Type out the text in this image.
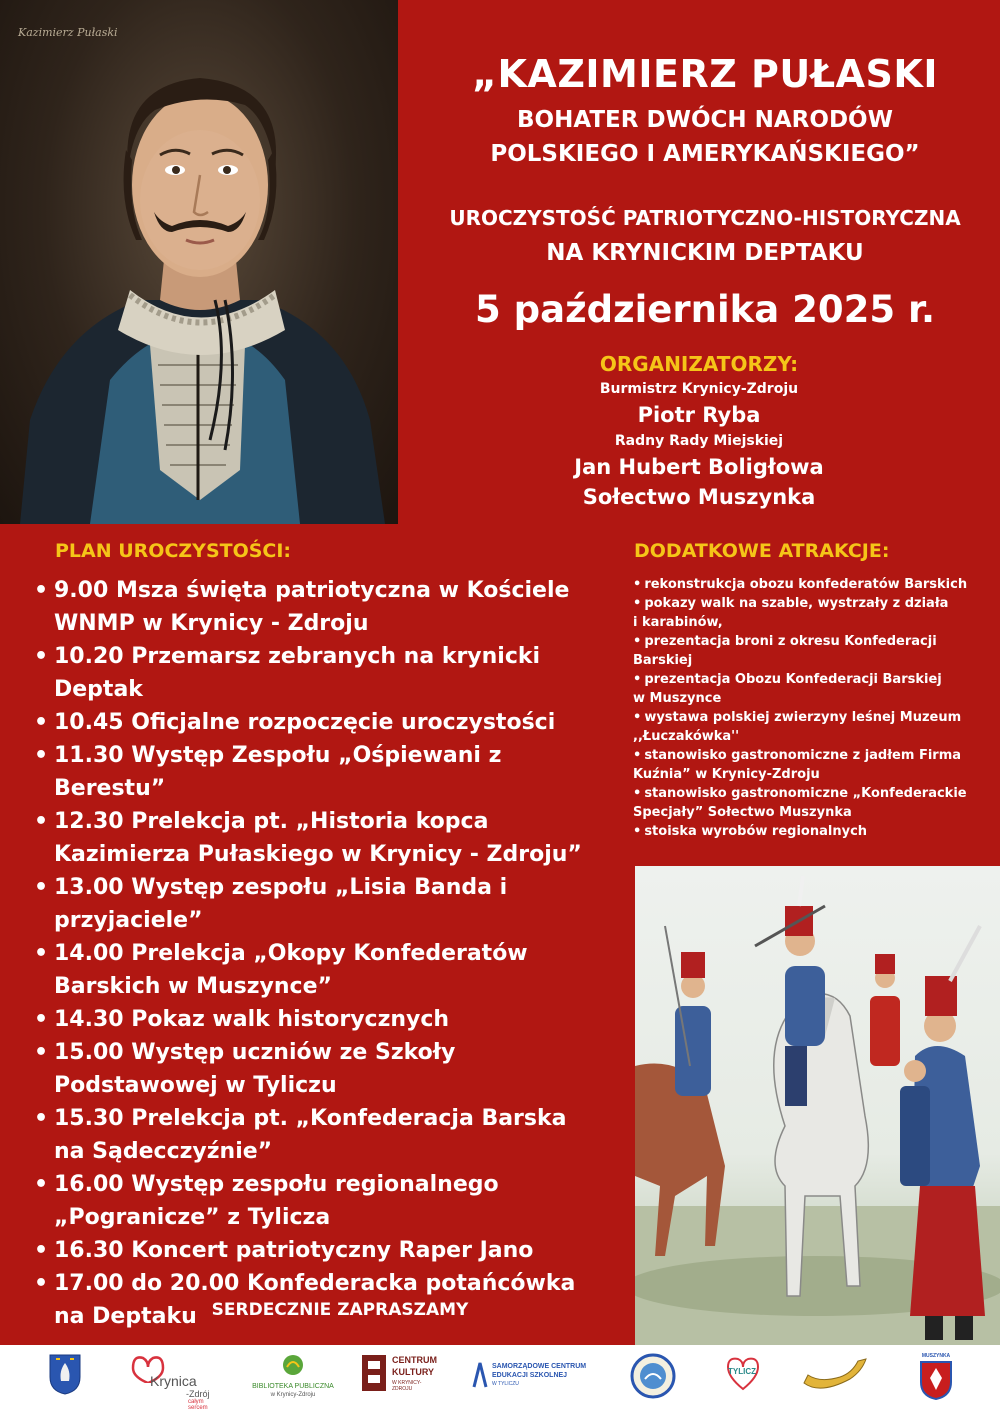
Kazimierz Pułaski
„KAZIMIERZ PUŁASKI
BOHATER DWÓCH NARODÓW
POLSKIEGO I AMERYKAŃSKIEGO”
UROCZYSTOŚĆ PATRIOTYCZNO-HISTORYCZNA
NA KRYNICKIM DEPTAKU
5 października 2025 r.
ORGANIZATORZY:
Burmistrz Krynicy-Zdroju
Piotr Ryba
Radny Rady Miejskiej
Jan Hubert Boligłowa
Sołectwo Muszynka
PLAN UROCZYSTOŚCI:
• 9.00 Msza święta patriotyczna w Kościele
WNMP w Krynicy - Zdroju
• 10.20 Przemarsz zebranych na krynicki
Deptak
• 10.45 Oficjalne rozpoczęcie uroczystości
• 11.30 Występ Zespołu „Ośpiewani z
Berestu”
• 12.30 Prelekcja pt. „Historia kopca
Kazimierza Pułaskiego w Krynicy - Zdroju”
• 13.00 Występ zespołu „Lisia Banda i
przyjaciele”
• 14.00 Prelekcja „Okopy Konfederatów
Barskich w Muszynce”
• 14.30 Pokaz walk historycznych
• 15.00 Występ uczniów ze Szkoły
Podstawowej w Tyliczu
• 15.30 Prelekcja pt. „Konfederacja Barska
na Sądecczyźnie”
• 16.00 Występ zespołu regionalnego
„Pogranicze” z Tylicza
• 16.30 Koncert patriotyczny Raper Jano
• 17.00 do 20.00 Konfederacka potańcówka
na Deptaku SERDECZNIE ZAPRASZAMY
DODATKOWE ATRAKCJE:
• rekonstrukcja obozu konfederatów Barskich
• pokazy walk na szable, wystrzały z działa
i karabinów,
• prezentacja broni z okresu Konfederacji
Barskiej
• prezentacja Obozu Konfederacji Barskiej
w Muszynce
• wystawa polskiej zwierzyny leśnej Muzeum
,,Łuczakówka''
• stanowisko gastronomiczne z jadłem Firma
Kuźnia” w Krynicy-Zdroju
• stanowisko gastronomiczne „Konfederackie
Specjały” Sołectwo Muszynka
• stoiska wyrobów regionalnych
Krynica
-Zdrój
całym sercem
BIBLIOTEKA PUBLICZNA
w Krynicy-Zdroju
CENTRUM
KULTURY
W KRYNICY-ZDROJU
SAMORZĄDOWE CENTRUM
EDUKACJI SZKOLNEJ
W TYLICZU
TYLICZ
MUSZYNKA
